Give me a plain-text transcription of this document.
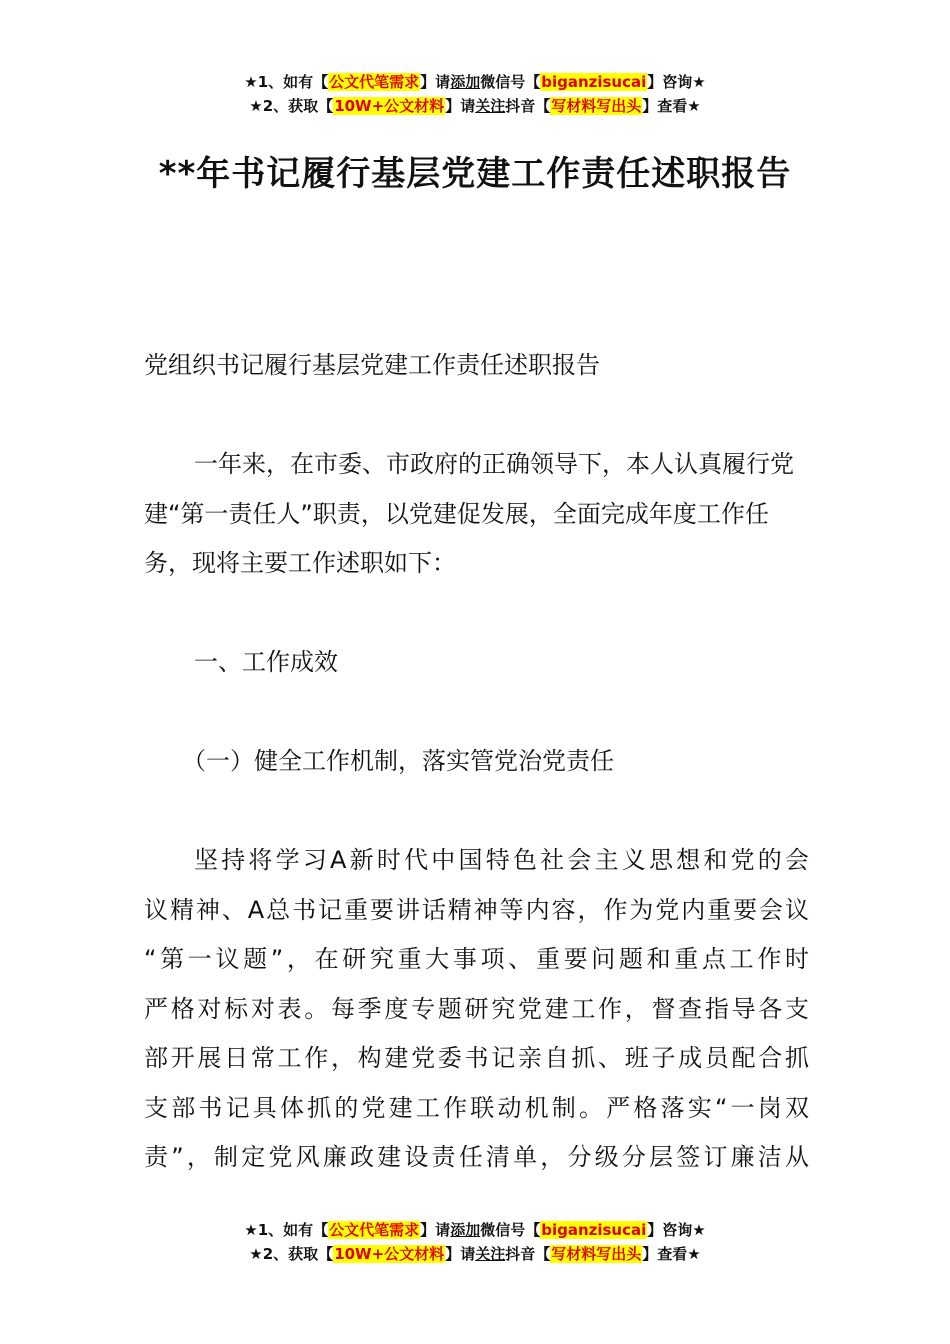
★1、如有【公文代笔需求】请添加微信号【biganzisucai】咨询★
★2、获取【10W+公文材料】请关注抖音【写材料写出头】查看★
**年书记履行基层党建工作责任述职报告

党组织书记履行基层党建工作责任述职报告

一年来，在市委、市政府的正确领导下，本人认真履行党建“第一责任人”职责，以党建促发展，全面完成年度工作任务，现将主要工作述职如下：

一、工作成效

（一）健全工作机制，落实管党治党责任

坚持将学习A新时代中国特色社会主义思想和党的会

议精神、A总书记重要讲话精神等内容，作为党内重要会议

“第一议题”，在研究重大事项、重要问题和重点工作时

严格对标对表。每季度专题研究党建工作，督查指导各支

部开展日常工作，构建党委书记亲自抓、班子成员配合抓

支部书记具体抓的党建工作联动机制。严格落实“一岗双

责”，制定党风廉政建设责任清单，分级分层签订廉洁从

★1、如有【公文代笔需求】请添加微信号【biganzisucai】咨询★
★2、获取【10W+公文材料】请关注抖音【写材料写出头】查看★
